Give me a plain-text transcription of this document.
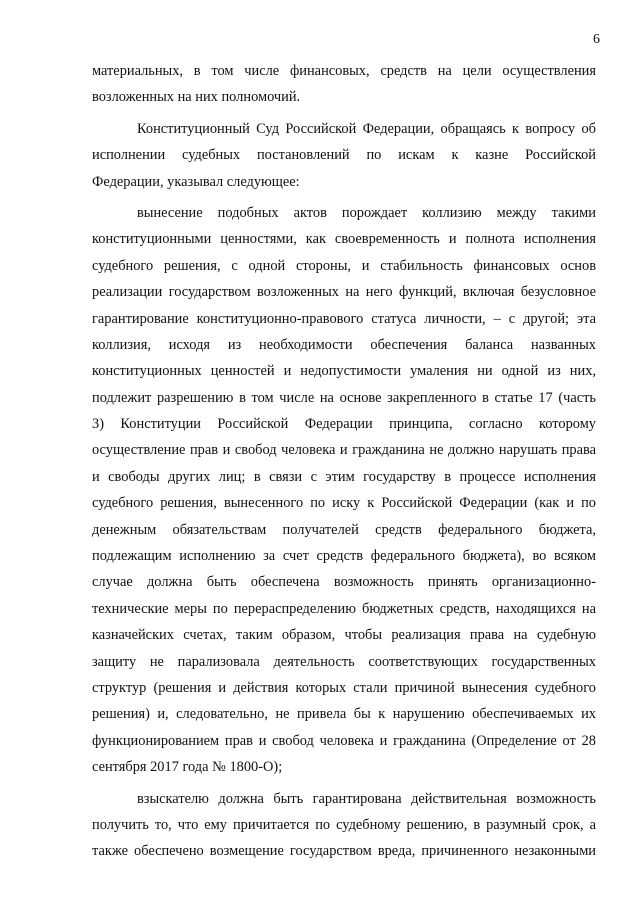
6
материальных, в том числе финансовых, средств на цели осуществления
возложенных на них полномочий.
Конституционный Суд Российской Федерации, обращаясь к вопросу об
исполнении судебных постановлений по искам к казне Российской
Федерации, указывал следующее:
вынесение подобных актов порождает коллизию между такими
конституционными ценностями, как своевременность и полнота исполнения
судебного решения, с одной стороны, и стабильность финансовых основ
реализации государством возложенных на него функций, включая безусловное
гарантирование конституционно-правового статуса личности, – с другой; эта
коллизия, исходя из необходимости обеспечения баланса названных
конституционных ценностей и недопустимости умаления ни одной из них,
подлежит разрешению в том числе на основе закрепленного в статье 17 (часть
3) Конституции Российской Федерации принципа, согласно которому
осуществление прав и свобод человека и гражданина не должно нарушать права
и свободы других лиц; в связи с этим государству в процессе исполнения
судебного решения, вынесенного по иску к Российской Федерации (как и по
денежным обязательствам получателей средств федерального бюджета,
подлежащим исполнению за счет средств федерального бюджета), во всяком
случае должна быть обеспечена возможность принять организационно-
технические меры по перераспределению бюджетных средств, находящихся на
казначейских счетах, таким образом, чтобы реализация права на судебную
защиту не парализовала деятельность соответствующих государственных
структур (решения и действия которых стали причиной вынесения судебного
решения) и, следовательно, не привела бы к нарушению обеспечиваемых их
функционированием прав и свобод человека и гражданина (Определение от 28
сентября 2017 года № 1800-О);
взыскателю должна быть гарантирована действительная возможность
получить то, что ему причитается по судебному решению, в разумный срок, а
также обеспечено возмещение государством вреда, причиненного незаконными
